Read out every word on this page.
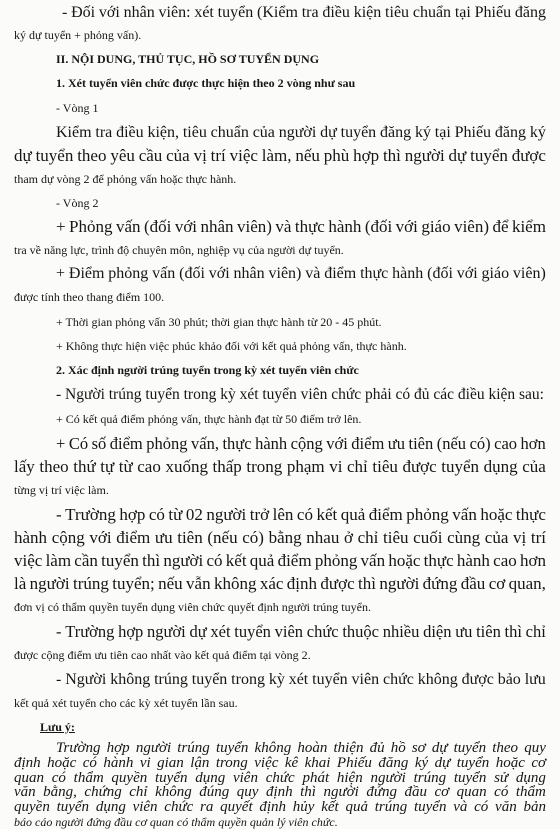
- Đối với nhân viên: xét tuyển (Kiểm tra điều kiện tiêu chuẩn tại Phiếu đăng
ký dự tuyển + phỏng vấn).
II. NỘI DUNG, THỦ TỤC, HỒ SƠ TUYỂN DỤNG
1. Xét tuyển viên chức được thực hiện theo 2 vòng như sau
- Vòng 1
Kiểm tra điều kiện, tiêu chuẩn của người dự tuyển đăng ký tại Phiếu đăng ký
dự tuyển theo yêu cầu của vị trí việc làm, nếu phù hợp thì người dự tuyển được
tham dự vòng 2 để phỏng vấn hoặc thực hành.
- Vòng 2
+ Phỏng vấn (đối với nhân viên) và thực hành (đối với giáo viên) để kiểm
tra về năng lực, trình độ chuyên môn, nghiệp vụ của người dự tuyển.
+ Điểm phỏng vấn (đối với nhân viên) và điểm thực hành (đối với giáo viên)
được tính theo thang điểm 100.
+ Thời gian phỏng vấn 30 phút; thời gian thực hành từ 20 - 45 phút.
+ Không thực hiện việc phúc khảo đối với kết quả phỏng vấn, thực hành.
2. Xác định người trúng tuyển trong kỳ xét tuyển viên chức
- Người trúng tuyển trong kỳ xét tuyển viên chức phải có đủ các điều kiện sau:
+ Có kết quả điểm phỏng vấn, thực hành đạt từ 50 điểm trở lên.
+ Có số điểm phỏng vấn, thực hành cộng với điểm ưu tiên (nếu có) cao hơn
lấy theo thứ tự từ cao xuống thấp trong phạm vi chỉ tiêu được tuyển dụng của
từng vị trí việc làm.
- Trường hợp có từ 02 người trở lên có kết quả điểm phỏng vấn hoặc thực
hành cộng với điểm ưu tiên (nếu có) bằng nhau ở chỉ tiêu cuối cùng của vị trí
việc làm cần tuyển thì người có kết quả điểm phỏng vấn hoặc thực hành cao hơn
là người trúng tuyển; nếu vẫn không xác định được thì người đứng đầu cơ quan,
đơn vị có thẩm quyền tuyển dụng viên chức quyết định người trúng tuyển.
- Trường hợp người dự xét tuyển viên chức thuộc nhiều diện ưu tiên thì chỉ
được cộng điểm ưu tiên cao nhất vào kết quả điểm tại vòng 2.
- Người không trúng tuyển trong kỳ xét tuyển viên chức không được bảo lưu
kết quả xét tuyển cho các kỳ xét tuyển lần sau.
Lưu ý:
Trường hợp người trúng tuyển không hoàn thiện đủ hồ sơ dự tuyển theo quy
định hoặc có hành vi gian lận trong việc kê khai Phiếu đăng ký dự tuyển hoặc cơ
quan có thẩm quyền tuyển dụng viên chức phát hiện người trúng tuyển sử dụng
văn bằng, chứng chỉ không đúng quy định thì người đứng đầu cơ quan có thẩm
quyền tuyển dụng viên chức ra quyết định hủy kết quả trúng tuyển và có văn bản
báo cáo người đứng đầu cơ quan có thẩm quyền quản lý viên chức.
